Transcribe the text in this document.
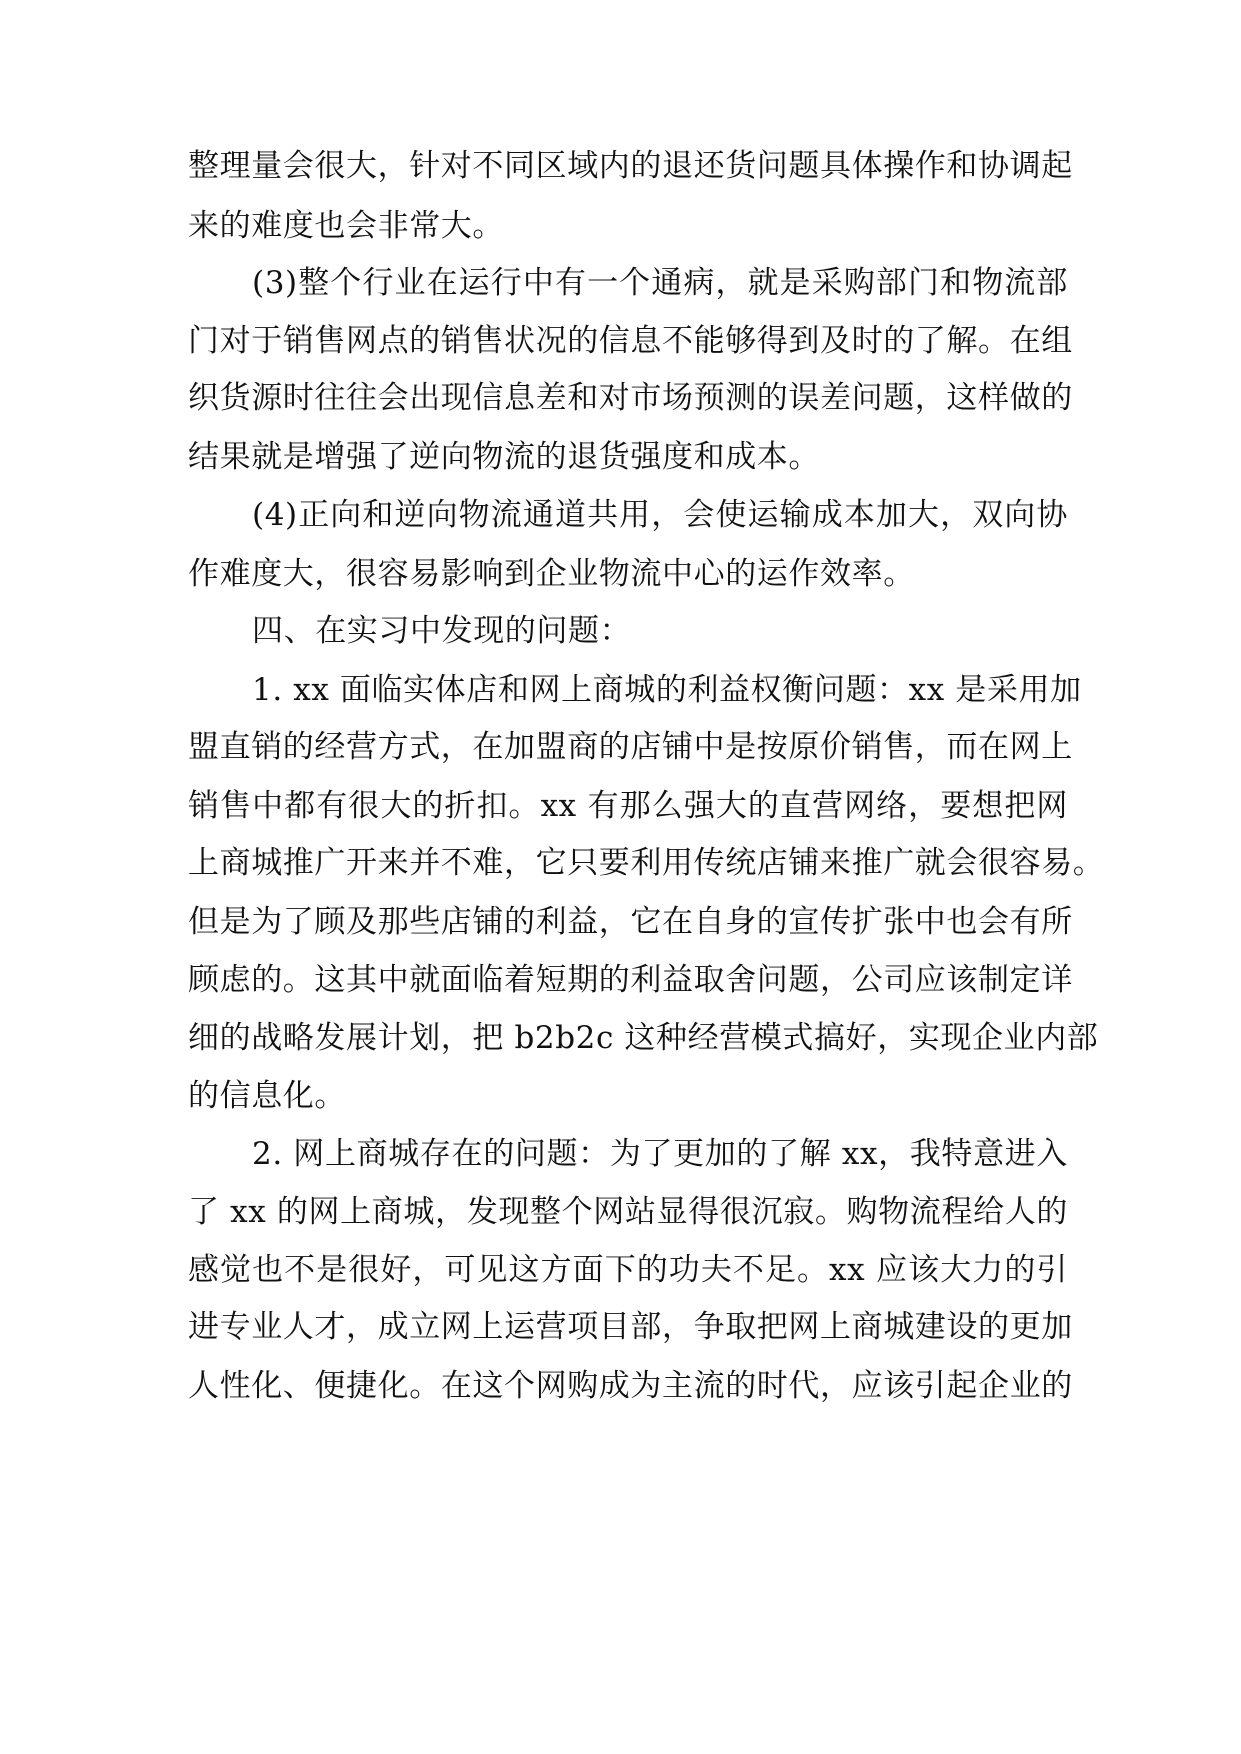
整理量会很大，针对不同区域内的退还货问题具体操作和协调起
来的难度也会非常大。
(3)整个行业在运行中有一个通病，就是采购部门和物流部
门对于销售网点的销售状况的信息不能够得到及时的了解。在组
织货源时往往会出现信息差和对市场预测的误差问题，这样做的
结果就是增强了逆向物流的退货强度和成本。
(4)正向和逆向物流通道共用，会使运输成本加大，双向协
作难度大，很容易影响到企业物流中心的运作效率。
四、在实习中发现的问题：
1. xx 面临实体店和网上商城的利益权衡问题：xx 是采用加
盟直销的经营方式，在加盟商的店铺中是按原价销售，而在网上
销售中都有很大的折扣。xx 有那么强大的直营网络，要想把网
上商城推广开来并不难，它只要利用传统店铺来推广就会很容易。
但是为了顾及那些店铺的利益，它在自身的宣传扩张中也会有所
顾虑的。这其中就面临着短期的利益取舍问题，公司应该制定详
细的战略发展计划，把 b2b2c 这种经营模式搞好，实现企业内部
的信息化。
2. 网上商城存在的问题：为了更加的了解 xx，我特意进入
了 xx 的网上商城，发现整个网站显得很沉寂。购物流程给人的
感觉也不是很好，可见这方面下的功夫不足。xx 应该大力的引
进专业人才，成立网上运营项目部，争取把网上商城建设的更加
人性化、便捷化。在这个网购成为主流的时代，应该引起企业的
